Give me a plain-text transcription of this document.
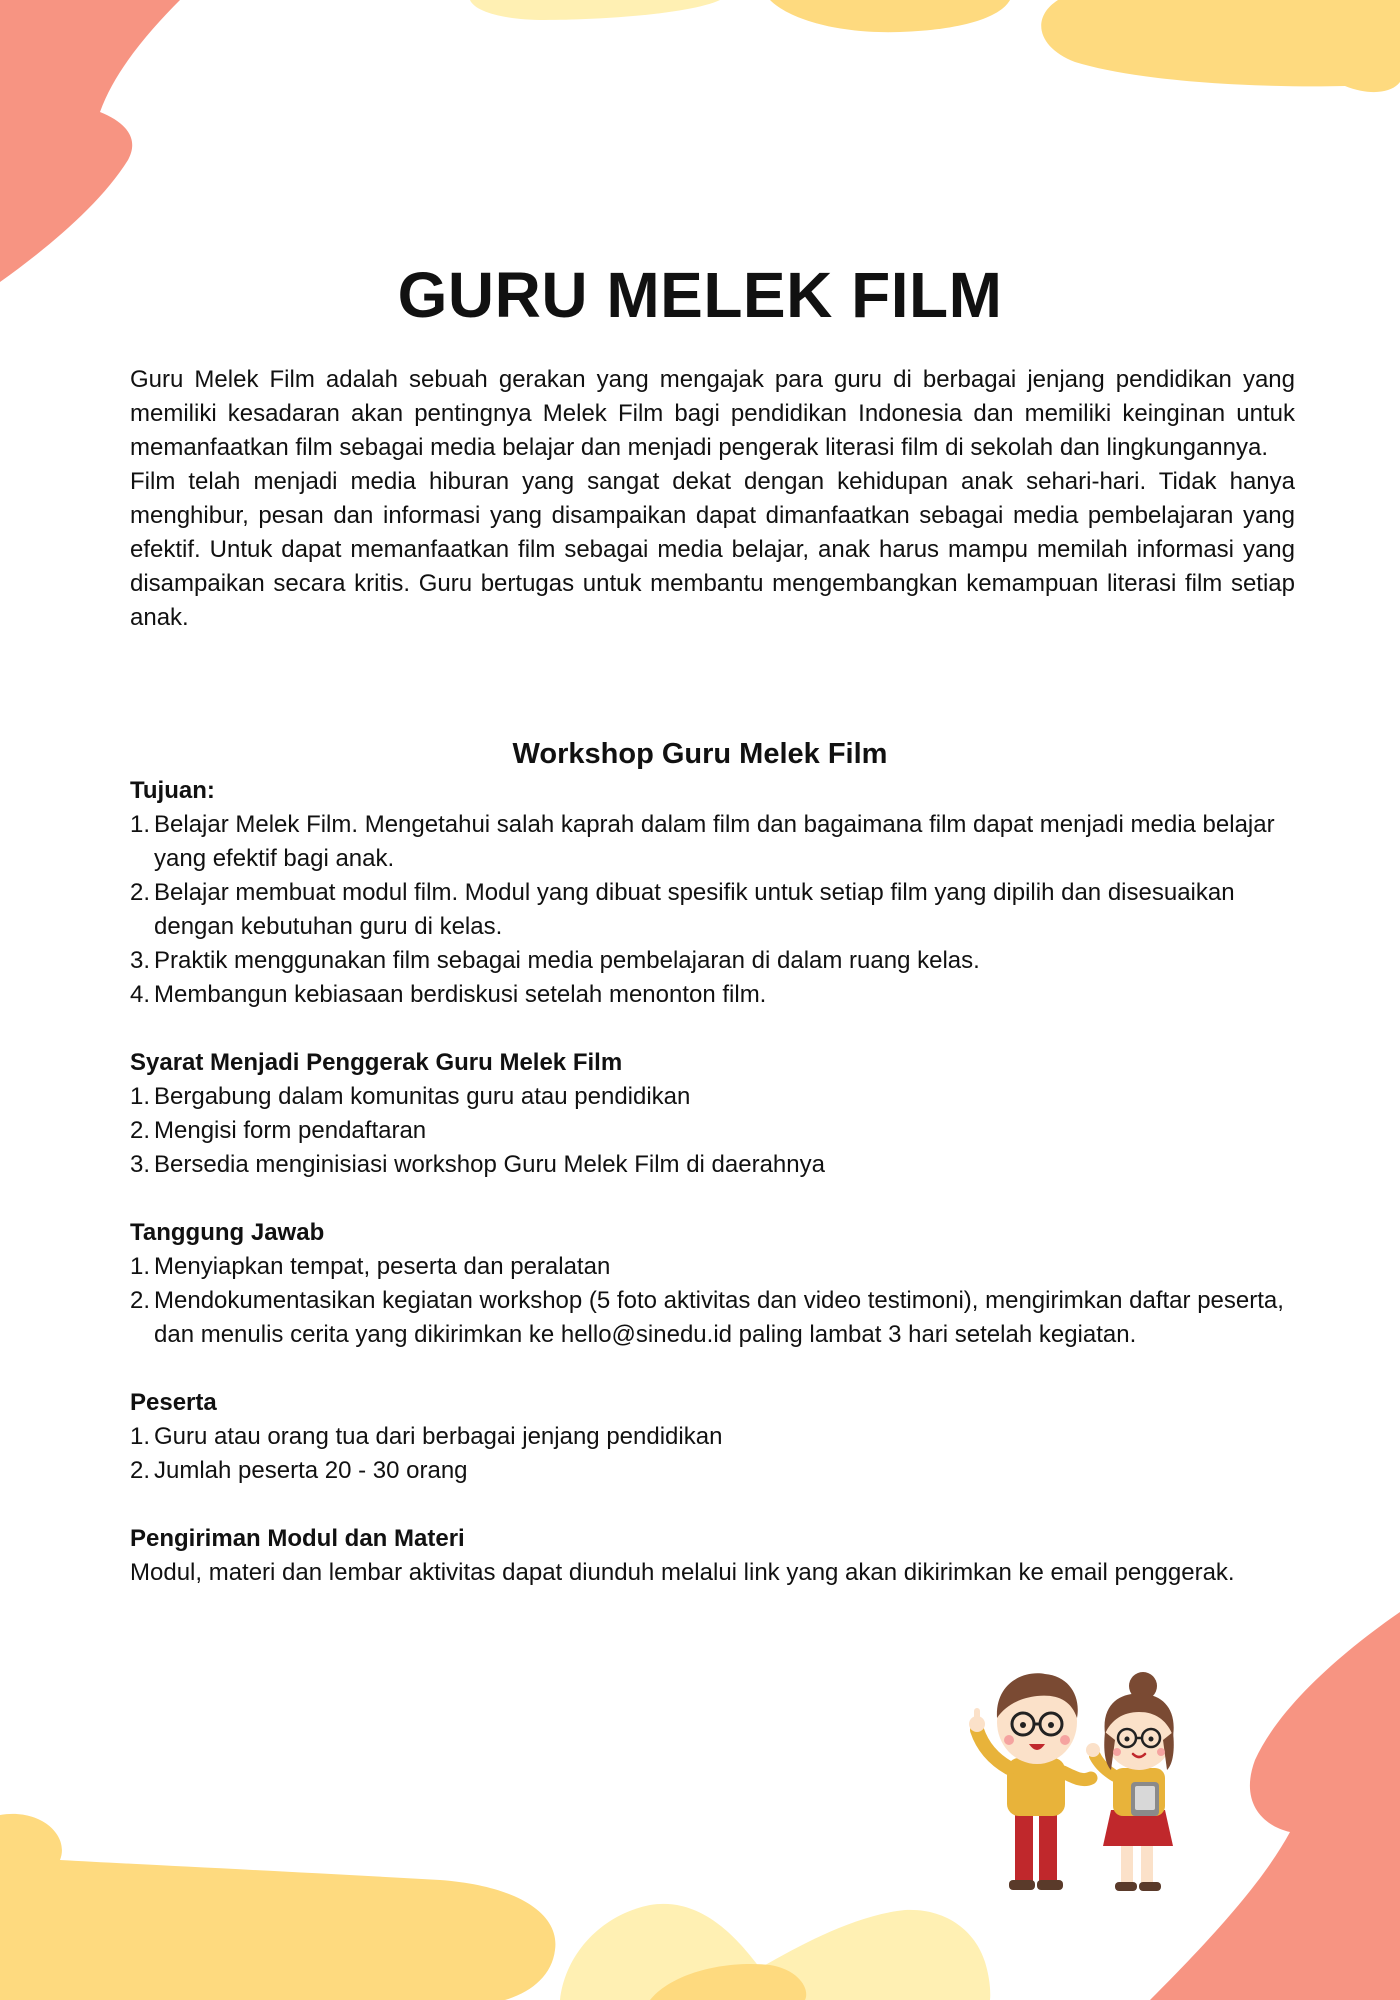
GURU MELEK FILM

Guru Melek Film adalah sebuah gerakan yang mengajak para guru di berbagai jenjang pendidikan yang memiliki kesadaran akan pentingnya Melek Film bagi pendidikan Indonesia dan memiliki keinginan untuk memanfaatkan film sebagai media belajar dan menjadi pengerak literasi film di sekolah dan lingkungannya.

Film telah menjadi media hiburan yang sangat dekat dengan kehidupan anak sehari-hari. Tidak hanya menghibur, pesan dan informasi yang disampaikan dapat dimanfaatkan sebagai media pembelajaran yang efektif. Untuk dapat memanfaatkan film sebagai media belajar, anak harus mampu memilah informasi yang disampaikan secara kritis. Guru bertugas untuk membantu mengembangkan kemampuan literasi film setiap anak.

Workshop Guru Melek Film

Tujuan:

1. Belajar Melek Film. Mengetahui salah kaprah dalam film dan bagaimana film dapat menjadi media belajar yang efektif bagi anak.
2. Belajar membuat modul film. Modul yang dibuat spesifik untuk setiap film yang dipilih dan disesuaikan dengan kebutuhan guru di kelas.
3. Praktik menggunakan film sebagai media pembelajaran di dalam ruang kelas.
4. Membangun kebiasaan berdiskusi setelah menonton film.

Syarat Menjadi Penggerak Guru Melek Film

1. Bergabung dalam komunitas guru atau pendidikan
2. Mengisi form pendaftaran
3. Bersedia menginisiasi workshop Guru Melek Film di daerahnya

Tanggung Jawab

1. Menyiapkan tempat, peserta dan peralatan
2. Mendokumentasikan kegiatan workshop (5 foto aktivitas dan video testimoni), mengirimkan daftar peserta, dan menulis cerita yang dikirimkan ke hello@sinedu.id paling lambat 3 hari setelah kegiatan.

Peserta

1. Guru atau orang tua dari berbagai jenjang pendidikan
2. Jumlah peserta 20 - 30 orang

Pengiriman Modul dan Materi

Modul, materi dan lembar aktivitas dapat diunduh melalui link yang akan dikirimkan ke email penggerak.
